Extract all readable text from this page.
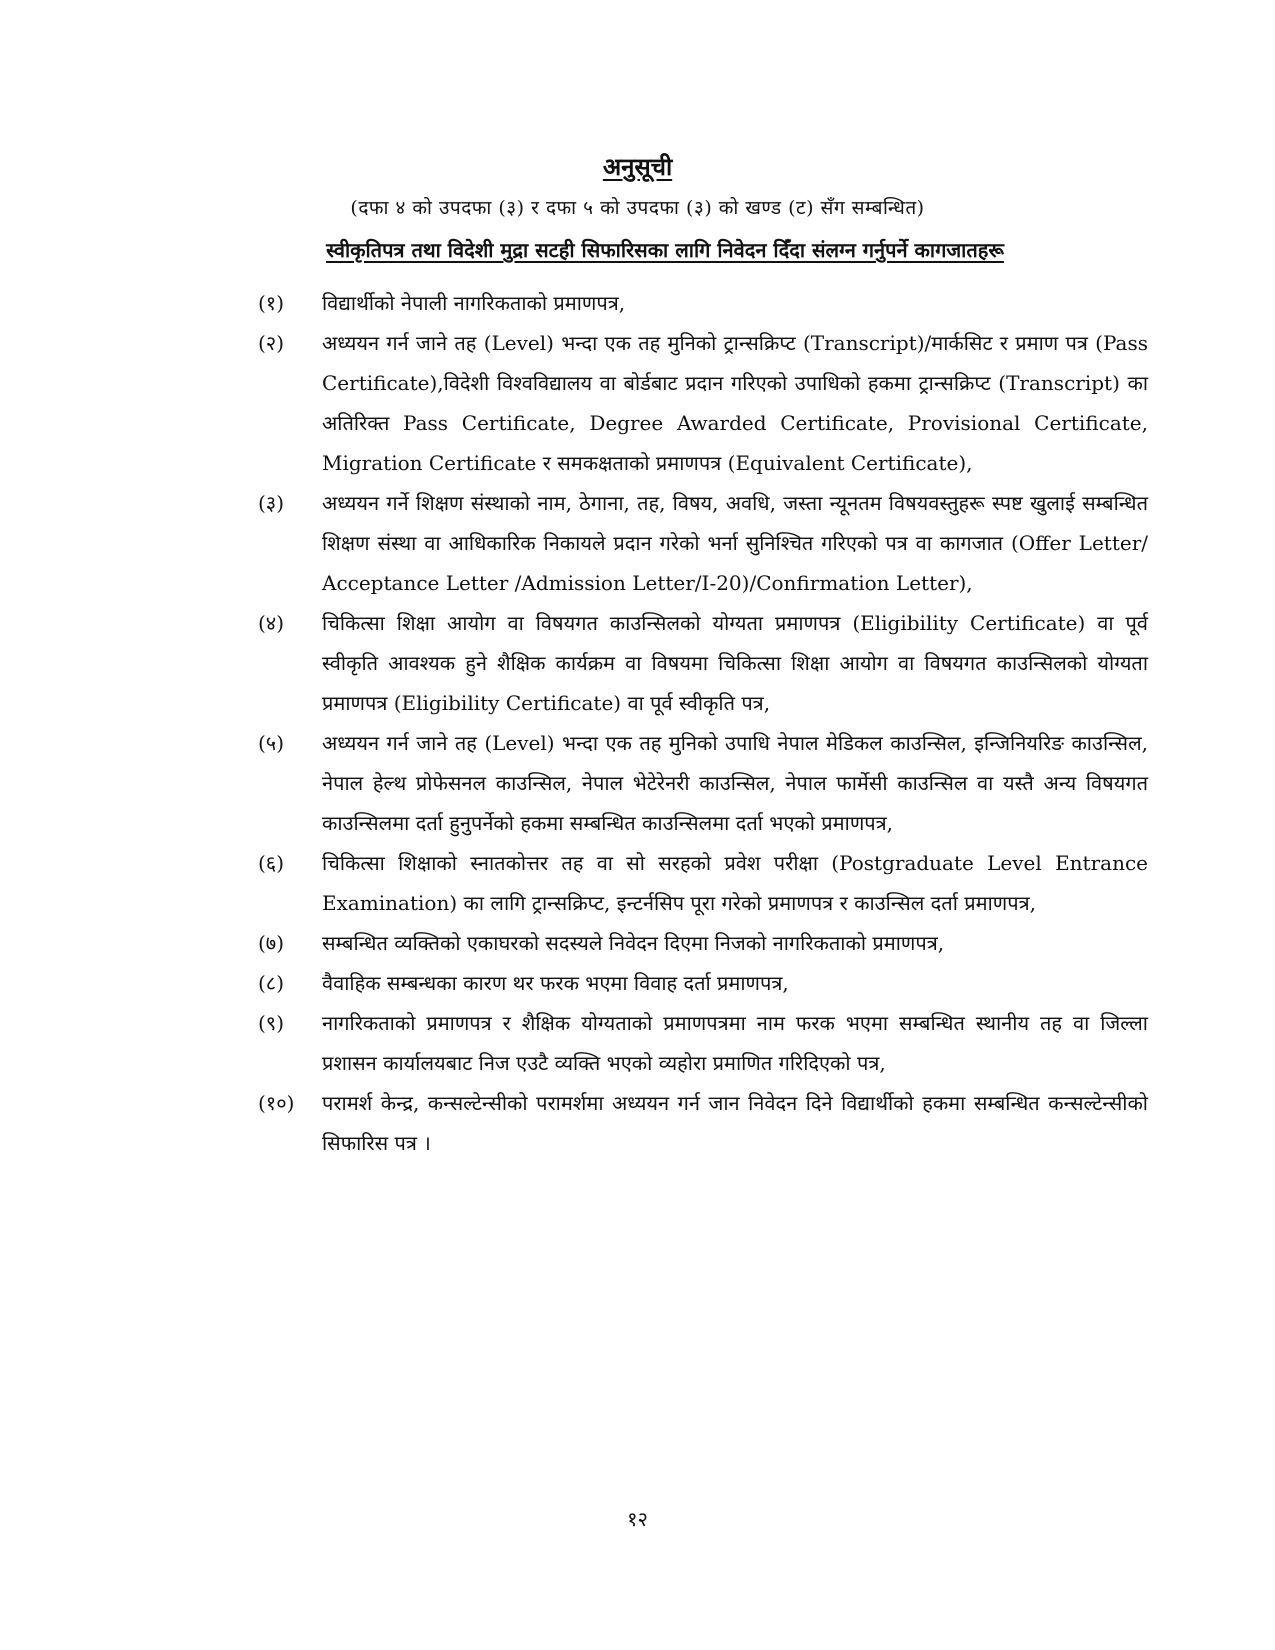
अनुसूची
(दफा ४ को उपदफा (३) र दफा ५ को उपदफा (३) को खण्ड (ट) सँग सम्बन्धित)
स्वीकृतिपत्र तथा विदेशी मुद्रा सटही सिफारिसका लागि निवेदन दिँदा संलग्न गर्नुपर्ने कागजातहरू
(१)	विद्यार्थीको नेपाली नागरिकताको प्रमाणपत्र,
(२)	अध्ययन गर्न जाने तह (Level) भन्दा एक तह मुनिको ट्रान्सक्रिप्ट (Transcript)/मार्कसिट र प्रमाण पत्र (Pass Certificate),विदेशी विश्वविद्यालय वा बोर्डबाट प्रदान गरिएको उपाधिको हकमा ट्रान्सक्रिप्ट (Transcript) का अतिरिक्त Pass Certificate, Degree Awarded Certificate, Provisional Certificate, Migration Certificate र समकक्षताको प्रमाणपत्र (Equivalent Certificate),
(३)	अध्ययन गर्ने शिक्षण संस्थाको नाम, ठेगाना, तह, विषय, अवधि, जस्ता न्यूनतम विषयवस्तुहरू स्पष्ट खुलाई सम्बन्धित शिक्षण संस्था वा आधिकारिक निकायले प्रदान गरेको भर्ना सुनिश्चित गरिएको पत्र वा कागजात (Offer Letter/ Acceptance Letter /Admission Letter/I-20)/Confirmation Letter),
(४)	चिकित्सा शिक्षा आयोग वा विषयगत काउन्सिलको योग्यता प्रमाणपत्र (Eligibility Certificate) वा पूर्व स्वीकृति आवश्यक हुने शैक्षिक कार्यक्रम वा विषयमा चिकित्सा शिक्षा आयोग वा विषयगत काउन्सिलको योग्यता प्रमाणपत्र (Eligibility Certificate) वा पूर्व स्वीकृति पत्र,
(५)	अध्ययन गर्न जाने तह (Level) भन्दा एक तह मुनिको उपाधि नेपाल मेडिकल काउन्सिल, इन्जिनियरिङ काउन्सिल, नेपाल हेल्थ प्रोफेसनल काउन्सिल, नेपाल भेटेरेनरी काउन्सिल, नेपाल फार्मेसी काउन्सिल वा यस्तै अन्य विषयगत काउन्सिलमा दर्ता हुनुपर्नेको हकमा सम्बन्धित काउन्सिलमा दर्ता भएको प्रमाणपत्र,
(६)	चिकित्सा शिक्षाको स्नातकोत्तर तह वा सो सरहको प्रवेश परीक्षा (Postgraduate Level Entrance Examination) का लागि ट्रान्सक्रिप्ट, इन्टर्नसिप पूरा गरेको प्रमाणपत्र र काउन्सिल दर्ता प्रमाणपत्र,
(७)	सम्बन्धित व्यक्तिको एकाघरको सदस्यले निवेदन दिएमा निजको नागरिकताको प्रमाणपत्र,
(८)	वैवाहिक सम्बन्धका कारण थर फरक भएमा विवाह दर्ता प्रमाणपत्र,
(९)	नागरिकताको प्रमाणपत्र र शैक्षिक योग्यताको प्रमाणपत्रमा नाम फरक भएमा सम्बन्धित स्थानीय तह वा जिल्ला प्रशासन कार्यालयबाट निज एउटै व्यक्ति भएको व्यहोरा प्रमाणित गरिदिएको पत्र,
(१०)	परामर्श केन्द्र, कन्सल्टेन्सीको परामर्शमा अध्ययन गर्न जान निवेदन दिने विद्यार्थीको हकमा सम्बन्धित कन्सल्टेन्सीको सिफारिस पत्र ।
१२
